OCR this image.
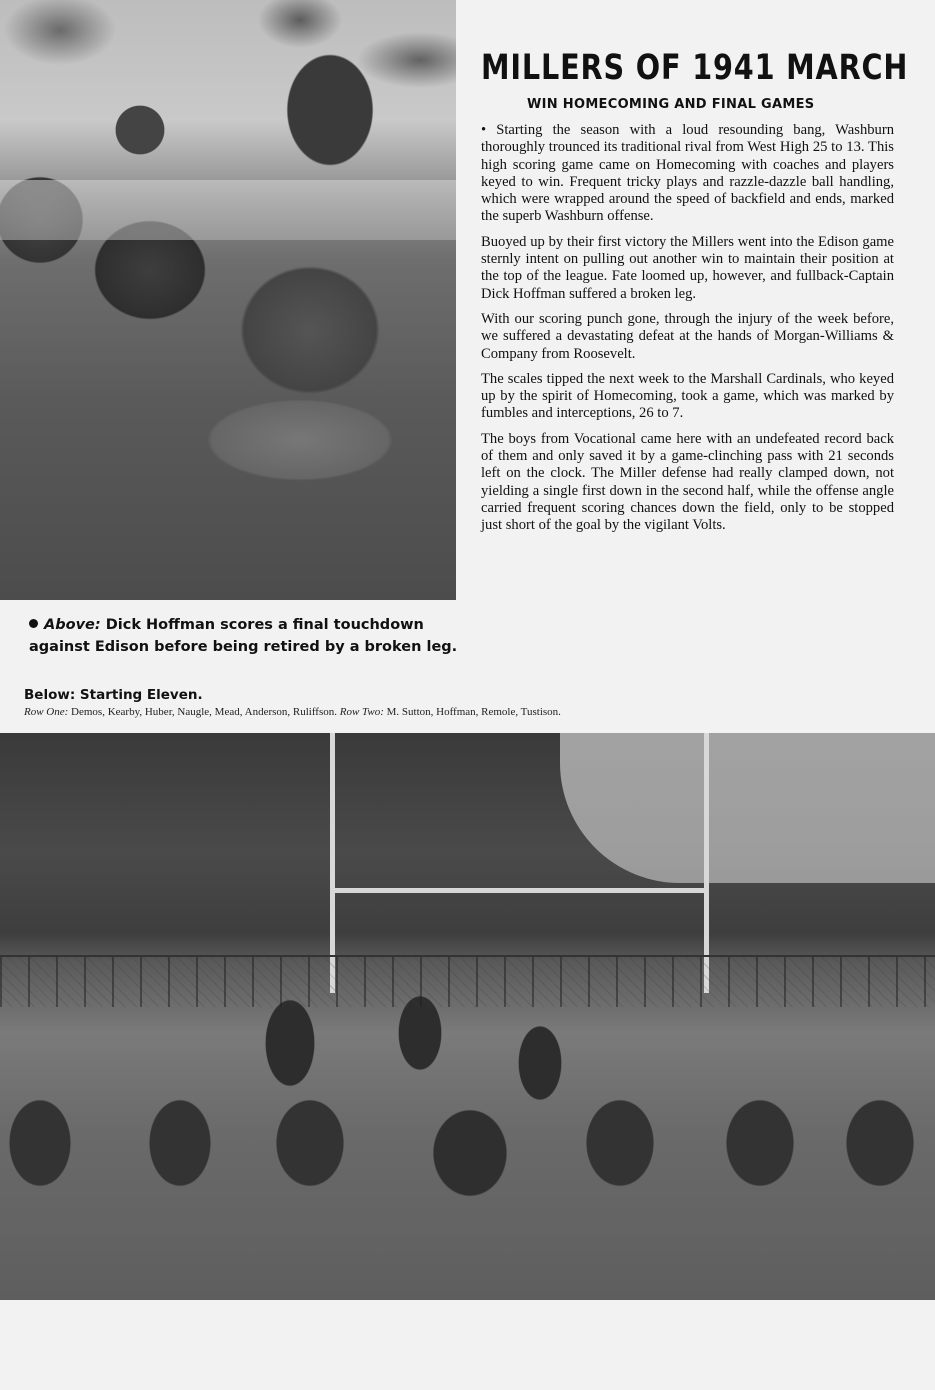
MILLERS OF 1941 MARCH
WIN HOMECOMING AND FINAL GAMES

• Starting the season with a loud resounding bang, Washburn thoroughly trounced its traditional rival from West High 25 to 13. This high scoring game came on Homecoming with coaches and players keyed to win. Frequent tricky plays and razzle-dazzle ball handling, which were wrapped around the speed of backfield and ends, marked the superb Washburn offense.

Buoyed up by their first victory the Millers went into the Edison game sternly intent on pulling out another win to maintain their position at the top of the league. Fate loomed up, however, and fullback-Captain Dick Hoffman suffered a broken leg.

With our scoring punch gone, through the injury of the week before, we suffered a devastating defeat at the hands of Morgan-Williams & Company from Roosevelt.

The scales tipped the next week to the Marshall Cardinals, who keyed up by the spirit of Homecoming, took a game, which was marked by fumbles and interceptions, 26 to 7.

The boys from Vocational came here with an undefeated record back of them and only saved it by a game-clinching pass with 21 seconds left on the clock. The Miller defense had really clamped down, not yielding a single first down in the second half, while the offense angle carried frequent scoring chances down the field, only to be stopped just short of the goal by the vigilant Volts.

Above: Dick Hoffman scores a final touchdown against Edison before being retired by a broken leg.
Below: Starting Eleven.
Row One: Demos, Kearby, Huber, Naugle, Mead, Anderson, Ruliffson. Row Two: M. Sutton, Hoffman, Remole, Tustison.
